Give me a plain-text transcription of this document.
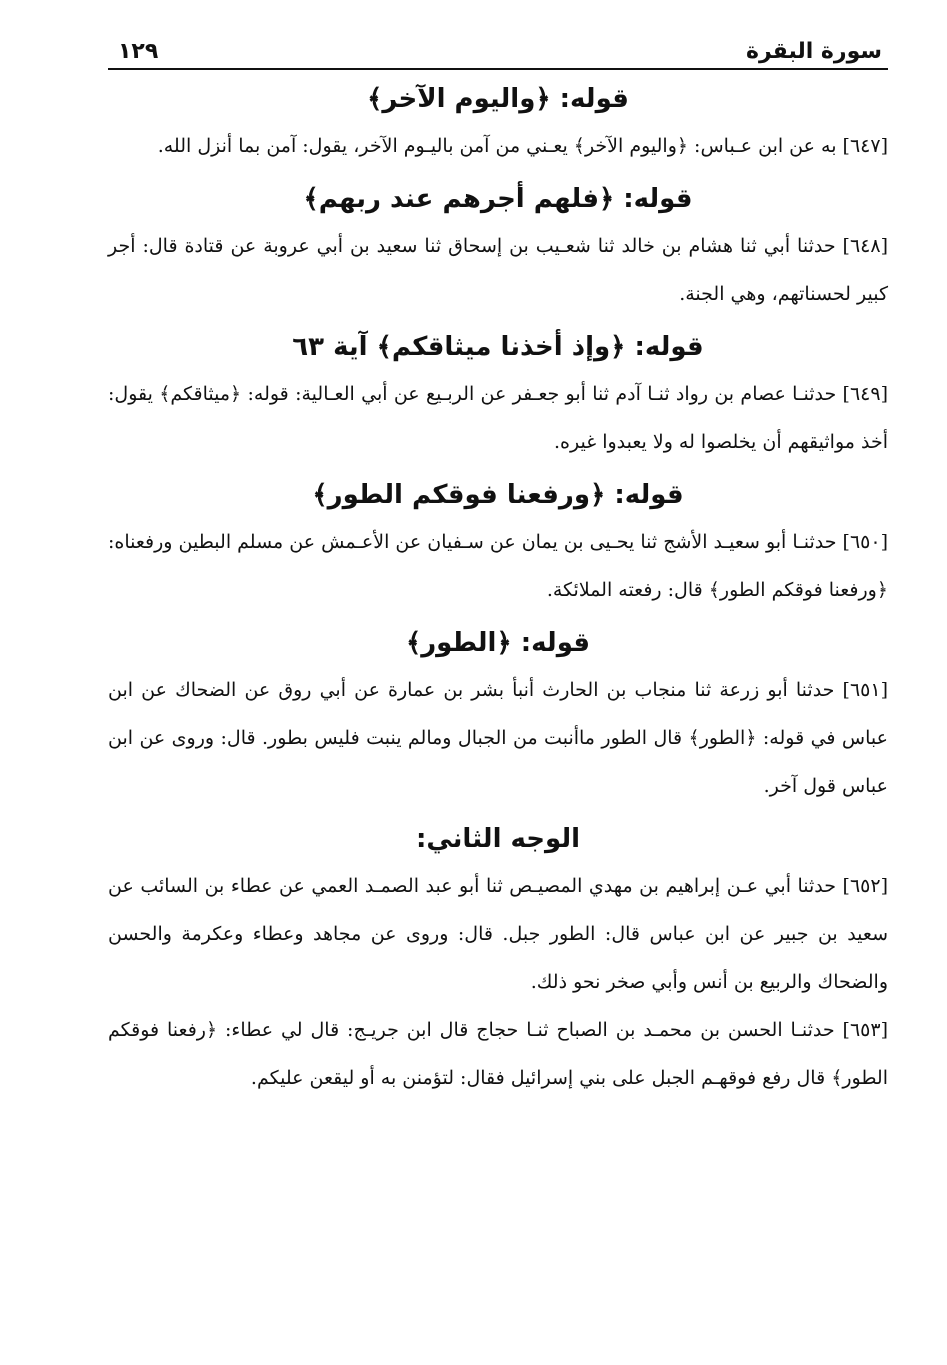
سورة البقرة
١٢٩
قوله: ﴿واليوم الآخر﴾

[٦٤٧] به عن ابن عـباس: ﴿واليوم الآخر﴾ يعـني من آمن باليـوم الآخر، يقول: آمن بما أنزل الله.

قوله: ﴿فلهم أجرهم عند ربهم﴾

[٦٤٨] حدثنا أبي ثنا هشام بن خالد ثنا شعـيب بن إسحاق ثنا سعيد بن أبي عروبة عن قتادة قال: أجر كبير لحسناتهم، وهي الجنة.

قوله: ﴿وإذ أخذنا ميثاقكم﴾ آية ٦٣

[٦٤٩] حدثنـا عصام بن رواد ثنـا آدم ثنا أبو جعـفر عن الربـيع عن أبي العـالية: قوله: ﴿ميثاقكم﴾ يقول: أخذ مواثيقهم أن يخلصوا له ولا يعبدوا غيره.

قوله: ﴿ورفعنا فوقكم الطور﴾

[٦٥٠] حدثنـا أبو سعيـد الأشج ثنا يحـيى بن يمان عن سـفيان عن الأعـمش عن مسلم البطين ورفعناه: ﴿ورفعنا فوقكم الطور﴾ قال: رفعته الملائكة.

قوله: ﴿الطور﴾

[٦٥١] حدثنا أبو زرعة ثنا منجاب بن الحارث أنبأ بشر بن عمارة عن أبي روق عن الضحاك عن ابن عباس في قوله: ﴿الطور﴾ قال الطور ماأنبت من الجبال ومالم ينبت فليس بطور. قال: وروى عن ابن عباس قول آخر.

الوجه الثاني:

[٦٥٢] حدثنا أبي عـن إبراهيم بن مهدي المصيـص ثنا أبو عبد الصمـد العمي عن عطاء بن السائب عن سعيد بن جبير عن ابن عباس قال: الطور جبل. قال: وروى عن مجاهد وعطاء وعكرمة والحسن والضحاك والربيع بن أنس وأبي صخر نحو ذلك.

[٦٥٣] حدثنـا الحسن بن محمـد بن الصباح ثنـا حجاج قال ابن جريـج: قال لي عطاء: ﴿رفعنا فوقكم الطور﴾ قال رفع فوقهـم الجبل على بني إسرائيل فقال: لتؤمنن به أو ليقعن عليكم.
